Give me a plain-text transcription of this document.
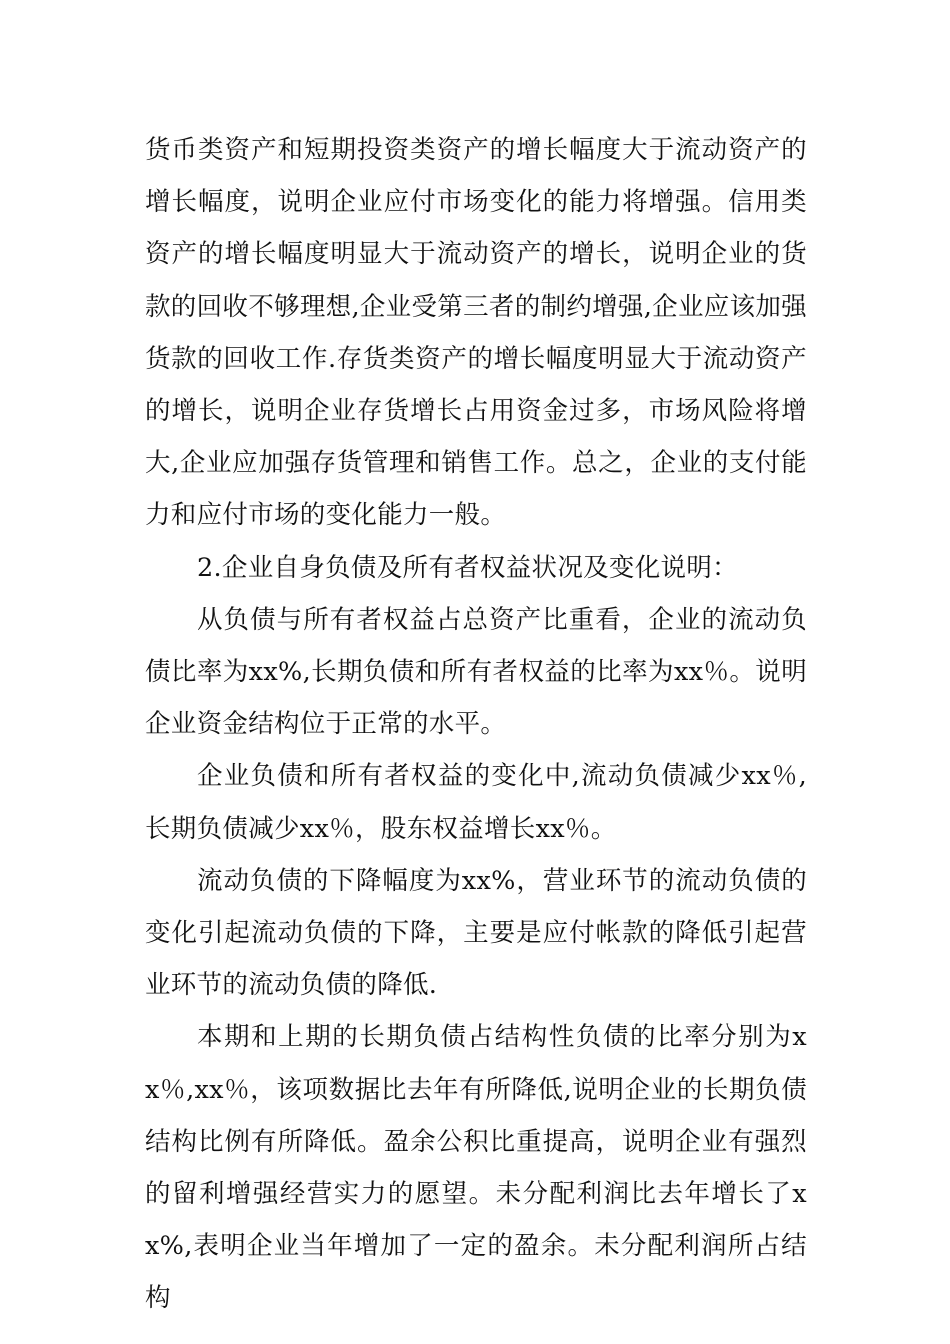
货币类资产和短期投资类资产的增长幅度大于流动资产的增长幅度，说明企业应付市场变化的能力将增强。信用类资产的增长幅度明显大于流动资产的增长，说明企业的货款的回收不够理想,企业受第三者的制约增强,企业应该加强货款的回收工作.存货类资产的增长幅度明显大于流动资产的增长，说明企业存货增长占用资金过多，市场风险将增大,企业应加强存货管理和销售工作。总之，企业的支付能力和应付市场的变化能力一般。

2.企业自身负债及所有者权益状况及变化说明：

从负债与所有者权益占总资产比重看，企业的流动负债比率为xx%,长期负债和所有者权益的比率为xx％。说明企业资金结构位于正常的水平。

企业负债和所有者权益的变化中,流动负债减少xx％,长期负债减少xx％，股东权益增长xx％。

流动负债的下降幅度为xx%，营业环节的流动负债的变化引起流动负债的下降，主要是应付帐款的降低引起营业环节的流动负债的降低.

本期和上期的长期负债占结构性负债的比率分别为xx％,xx％，该项数据比去年有所降低,说明企业的长期负债结构比例有所降低。盈余公积比重提高，说明企业有强烈的留利增强经营实力的愿望。未分配利润比去年增长了xx%,表明企业当年增加了一定的盈余。未分配利润所占结构
